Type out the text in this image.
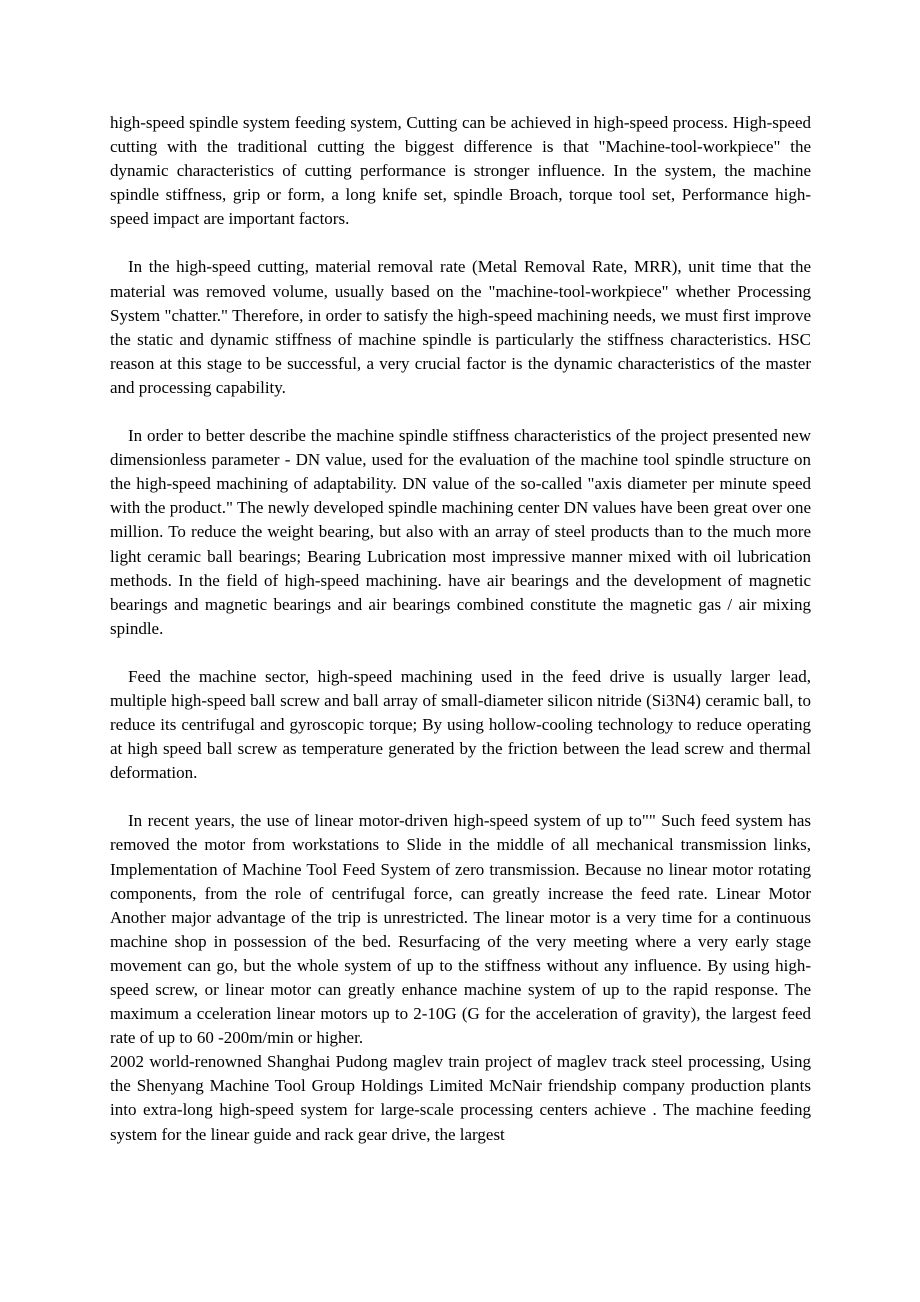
high-speed spindle system feeding system, Cutting can be achieved in high-speed process. High-speed cutting with the traditional cutting the biggest difference is that "Machine-tool-workpiece" the dynamic characteristics of cutting performance is stronger influence. In the system, the machine spindle stiffness, grip or form, a long knife set, spindle Broach, torque tool set, Performance high-speed impact are important factors.

In the high-speed cutting, material removal rate (Metal Removal Rate, MRR), unit time that the material was removed volume, usually based on the "machine-tool-workpiece" whether Processing System "chatter." Therefore, in order to satisfy the high-speed machining needs, we must first improve the static and dynamic stiffness of machine spindle is particularly the stiffness characteristics. HSC reason at this stage to be successful, a very crucial factor is the dynamic characteristics of the master and processing capability.

In order to better describe the machine spindle stiffness characteristics of the project presented new dimensionless parameter - DN value, used for the evaluation of the machine tool spindle structure on the high-speed machining of adaptability. DN value of the so-called "axis diameter per minute speed with the product." The newly developed spindle machining center DN values have been great over one million. To reduce the weight bearing, but also with an array of steel products than to the much more light ceramic ball bearings; Bearing Lubrication most impressive manner mixed with oil lubrication methods. In the field of high-speed machining. have air bearings and the development of magnetic bearings and magnetic bearings and air bearings combined constitute the magnetic gas / air mixing spindle.

Feed the machine sector, high-speed machining used in the feed drive is usually larger lead, multiple high-speed ball screw and ball array of small-diameter silicon nitride (Si3N4) ceramic ball, to reduce its centrifugal and gyroscopic torque; By using hollow-cooling technology to reduce operating at high speed ball screw as temperature generated by the friction between the lead screw and thermal deformation.

In recent years, the use of linear motor-driven high-speed system of up to"" Such feed system has removed the motor from workstations to Slide in the middle of all mechanical transmission links, Implementation of Machine Tool Feed System of zero transmission. Because no linear motor rotating components, from the role of centrifugal force, can greatly increase the feed rate. Linear Motor Another major advantage of the trip is unrestricted. The linear motor is a very time for a continuous machine shop in possession of the bed. Resurfacing of the very meeting where a very early stage movement can go, but the whole system of up to the stiffness without any influence. By using high-speed screw, or linear motor can greatly enhance machine system of up to the rapid response. The maximum a cceleration linear motors up to 2-10G (G for the acceleration of gravity), the largest feed rate of up to 60 -200m/min or higher.

2002 world-renowned Shanghai Pudong maglev train project of maglev track steel processing, Using the Shenyang Machine Tool Group Holdings Limited McNair friendship company production plants into extra-long high-speed system for large-scale processing centers achieve . The machine feeding system for the linear guide and rack gear drive, the largest
